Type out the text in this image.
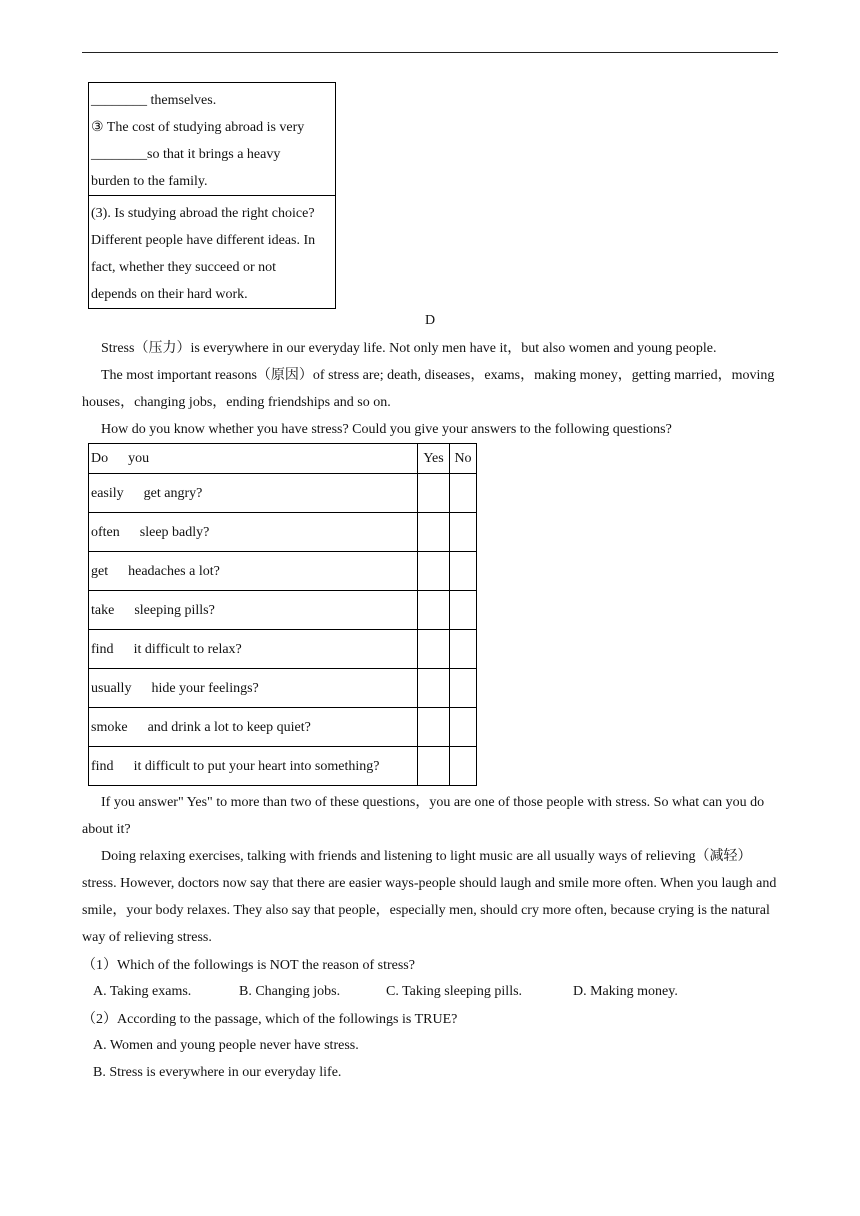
________ themselves.
③ The cost of studying abroad is very
________so that it brings a heavy
burden to the family.

(3). Is studying abroad the right choice?
Different people have different ideas. In
fact, whether they succeed or not
depends on their hard work.
D

Stress（压力）is everywhere in our everyday life. Not only men have it，but also women and young people.

The most important reasons（原因）of stress are; death, diseases，exams，making money，getting married，moving houses，changing jobs，ending friendships and so on.

How do you know whether you have stress? Could you give your answers to the following questions?

Do you	Yes	No
easily get angry?		
often sleep badly?		
get headaches a lot?		
take sleeping pills?		
find it difficult to relax?		
usually hide your feelings?		
smoke and drink a lot to keep quiet?		
find it difficult to put your heart into something?		

If you answer" Yes" to more than two of these questions，you are one of those people with stress. So what can you do about it?

Doing relaxing exercises, talking with friends and listening to light music are all usually ways of relieving（减轻）stress. However, doctors now say that there are easier ways-people should laugh and smile more often. When you laugh and smile，your body relaxes. They also say that people，especially men, should cry more often, because crying is the natural way of relieving stress.

（1）Which of the followings is NOT the reason of stress?

A. Taking exams.	B. Changing jobs.	C. Taking sleeping pills.	D. Making money.

（2）According to the passage, which of the followings is TRUE?

A. Women and young people never have stress.
B. Stress is everywhere in our everyday life.
